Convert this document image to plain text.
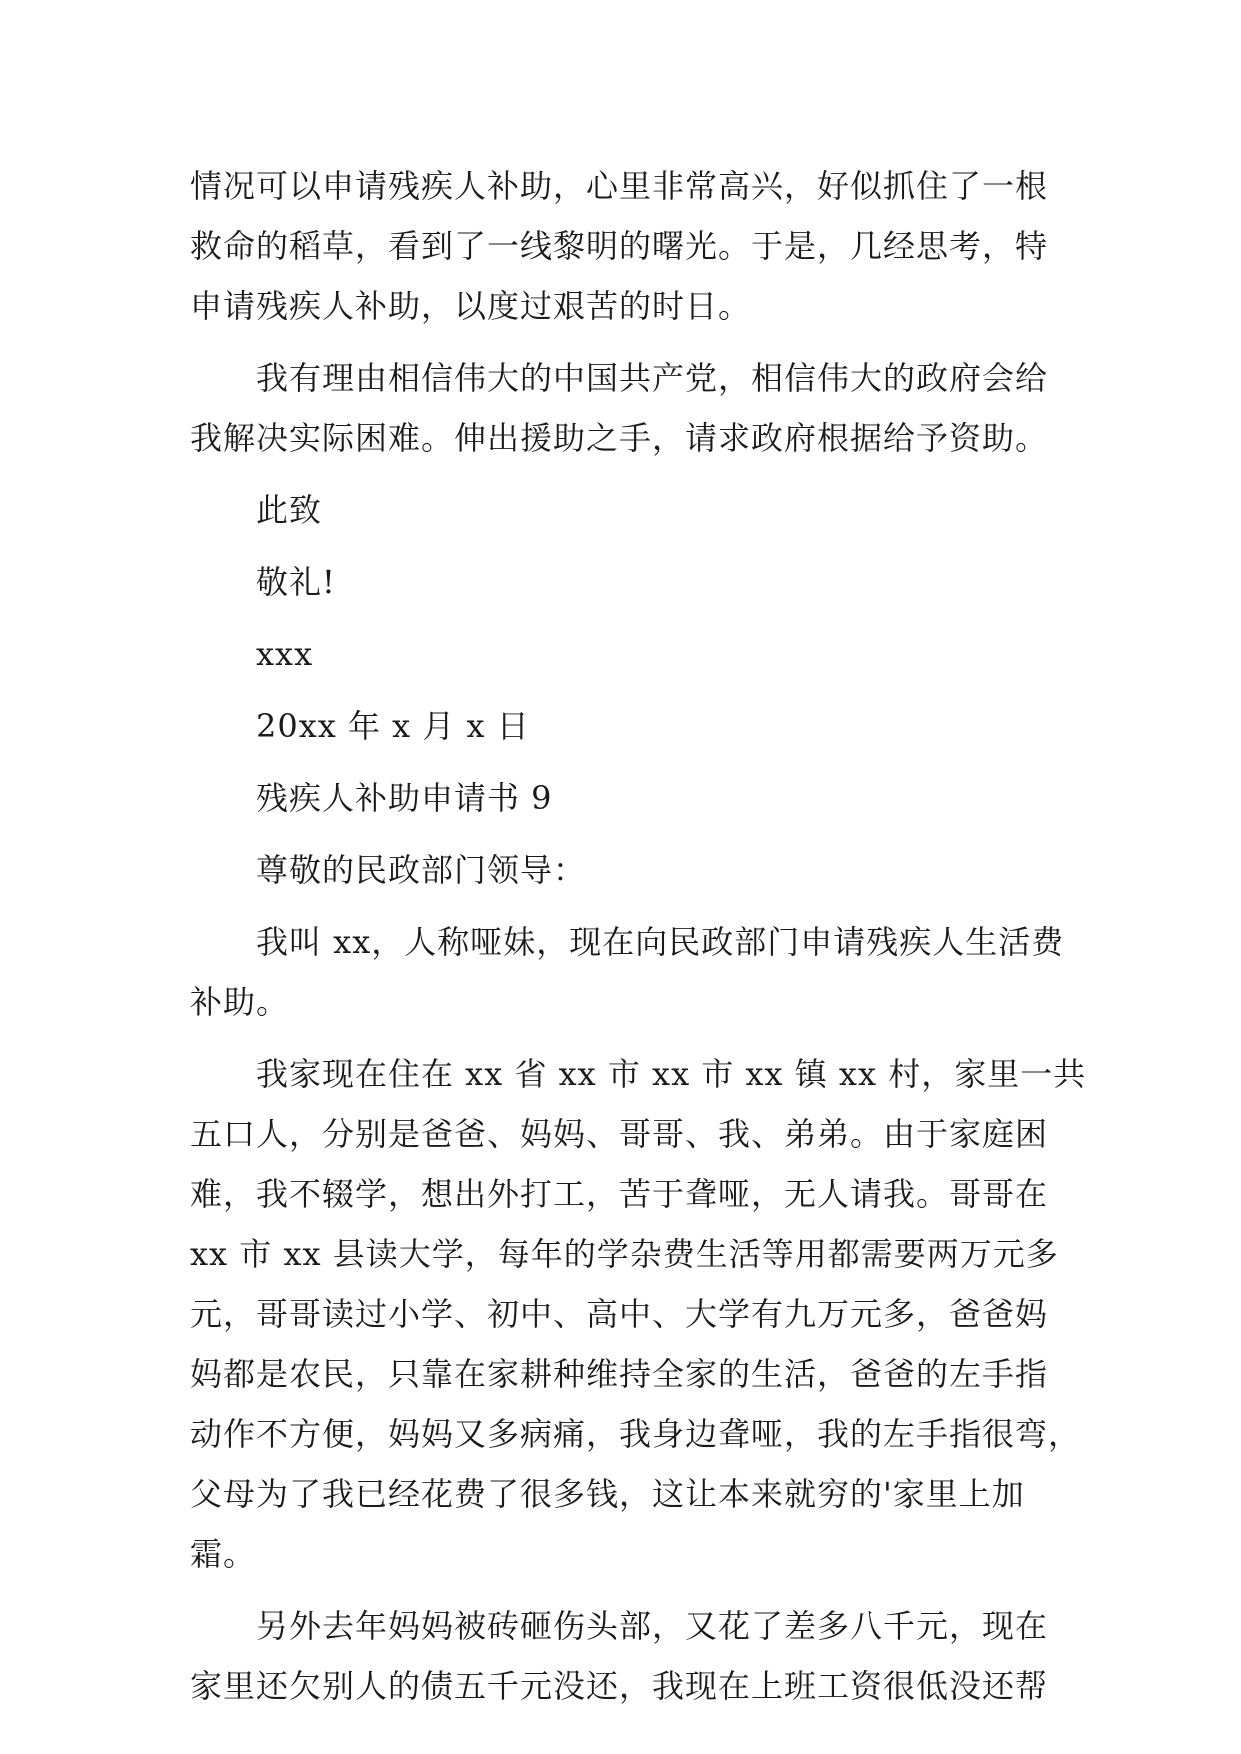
情况可以申请残疾人补助，心里非常高兴，好似抓住了一根
救命的稻草，看到了一线黎明的曙光。于是，几经思考，特
申请残疾人补助，以度过艰苦的时日。
我有理由相信伟大的中国共产党，相信伟大的政府会给
我解决实际困难。伸出援助之手，请求政府根据给予资助。
此致
敬礼!
xxx
20xx 年 x 月 x 日
残疾人补助申请书 9
尊敬的民政部门领导：
我叫 xx，人称哑妹，现在向民政部门申请残疾人生活费
补助。
我家现在住在 xx 省 xx 市 xx 市 xx 镇 xx 村，家里一共
五口人，分别是爸爸、妈妈、哥哥、我、弟弟。由于家庭困
难，我不辍学，想出外打工，苦于聋哑，无人请我。哥哥在
xx 市 xx 县读大学，每年的学杂费生活等用都需要两万元多
元，哥哥读过小学、初中、高中、大学有九万元多，爸爸妈
妈都是农民，只靠在家耕种维持全家的生活，爸爸的左手指
动作不方便，妈妈又多病痛，我身边聋哑，我的左手指很弯，
父母为了我已经花费了很多钱，这让本来就穷的'家里上加
霜。
另外去年妈妈被砖砸伤头部，又花了差多八千元，现在
家里还欠别人的债五千元没还，我现在上班工资很低没还帮
